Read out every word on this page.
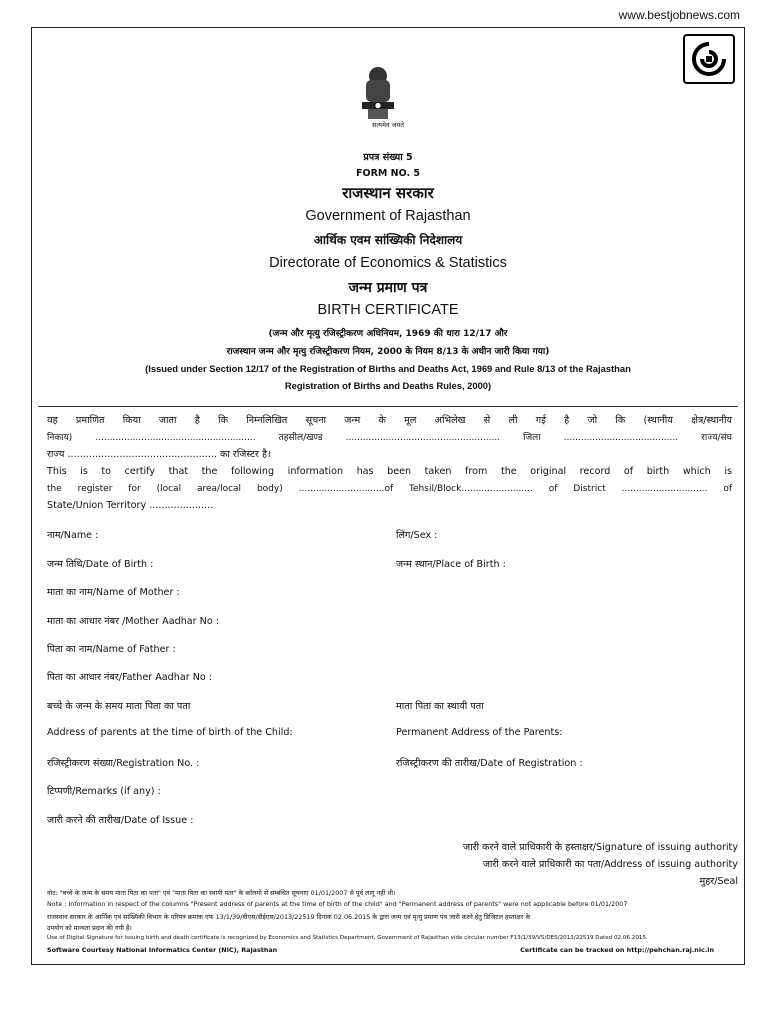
www.bestjobnews.com
सत्यमेव जयते
प्रपत्र संख्या 5
FORM NO. 5
राजस्थान सरकार
Government of Rajasthan
आर्थिक एवम सांख्यिकी निदेशालय
Directorate of Economics & Statistics
जन्म प्रमाण पत्र
BIRTH CERTIFICATE
(जन्म और मृत्यु रजिस्ट्रीकरण अधिनियम, 1969 की धारा 12/17 और
राजस्थान जन्म और मृत्यु रजिस्ट्रीकरण नियम, 2000 के नियम 8/13 के अधीन जारी किया गया)
(Issued under Section 12/17 of the Registration of Births and Deaths Act, 1969 and Rule 8/13 of the Rajasthan
Registration of Births and Deaths Rules, 2000)
यह प्रमाणित किया जाता है कि निम्नलिखित सूचना जन्म के मूल अभिलेख से ली गई है जो कि (स्थानीय क्षेत्र/स्थानीय
निकाय) ........................................................ तहसील/खण्ड ...................................................... जिला ........................................ राज्य/संघ
राज्य ................................................. का रजिस्टर है।
This is to certify that the following information has been taken from the original record of birth which is
the register for (local area/local body) ..............................of Tehsil/Block......................... of District .............................. of
State/Union Territory .....................
नाम/Name :	लिंग/Sex :
जन्म तिथि/Date of Birth :	जन्म स्थान/Place of Birth :
माता का नाम/Name of Mother :
माता का आधार नंबर /Mother Aadhar No :
पिता का नाम/Name of Father :
पिता का आधार नंबर/Father Aadhar No :
बच्चे के जन्म के समय माता पिता का पता	माता पिता का स्थायी पता
Address of parents at the time of birth of the Child:	Permanent Address of the Parents:
रजिस्ट्रीकरण संख्या/Registration No. :	रजिस्ट्रीकरण की तारीख/Date of Registration :
टिप्पणी/Remarks (if any) :
जारी करने की तारीख/Date of Issue :
जारी करने वाले प्राधिकारी के हस्ताक्षर/Signature of issuing authority
जारी करने वाले प्राधिकारी का पता/Address of issuing authority
मुहर/Seal
नोट: "बच्चे के जन्म के समय माता पिता का पता" एवं "माता पिता का स्थायी पता" के कॉलमो से सम्बंधित सूचनाए 01/01/2007 से पूर्व लागू नहीं थी।
Note : Information in respect of the columns "Present address of parents at the time of birth of the child" and "Permanent address of parents" were not applicable before 01/01/2007
राजस्थान सरकार के आर्थिक एवं सांख्यिकी विभाग के परिपत्र क्रमांक एफ 13/1/39/वीएस/डीईएस/2013/22519 दिनांक 02.06.2015 के द्वारा जन्म एवं मृत्यु प्रमाण पत्र जारी करने हेतु डिजिटल हस्ताक्षर के
उपयोग को मान्यता प्रदान की गयी है।
Use of Digital Signature for issuing birth and death certificate is recognized by Economics and Statistics Department, Government of Rajasthan vide circular number F13/1/39/VS/DES/2013/22519 Dated 02.06.2015.
Software Courtesy National Informatics Center (NIC), Rajasthan	Certificate can be tracked on http://pehchan.raj.nic.in
